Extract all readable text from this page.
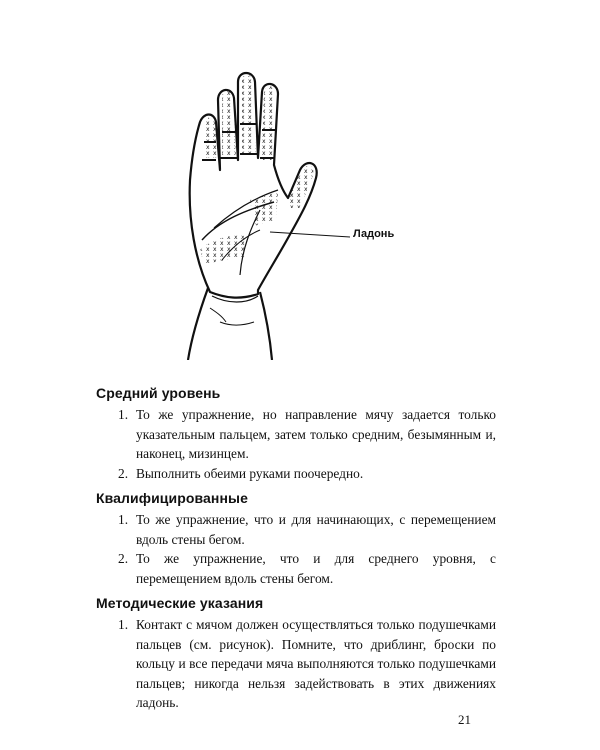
Ладонь
Средний уровень
1. То же упражнение, но направление мячу задается только указательным пальцем, затем только средним, безымянным и, наконец, мизинцем.
2. Выполнить обеими руками поочередно.
Квалифицированные
1. То же упражнение, что и для начинающих, с перемещением вдоль стены бегом.
2. То же упражнение, что и для среднего уровня, с перемещением вдоль стены бегом.
Методические указания
1. Контакт с мячом должен осуществляться только подушечками пальцев (см. рисунок). Помните, что дриблинг, броски по кольцу и все передачи мяча выполняются только подушечками пальцев; никогда нельзя задействовать в этих движениях ладонь.
21
